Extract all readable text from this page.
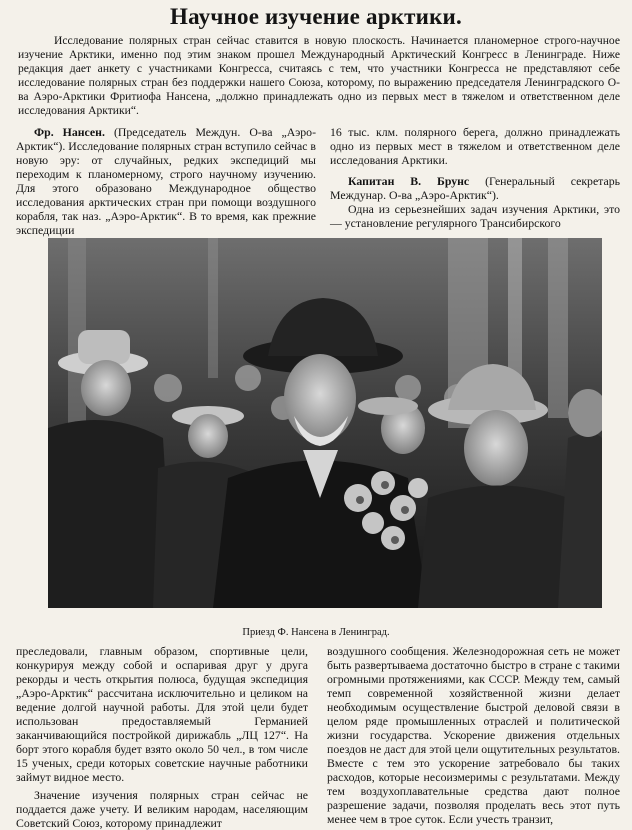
Научное изучение арктики.
Исследование полярных стран сейчас ставится в новую плоскость. Начинается планомерное строго-научное изучение Арктики, именно под этим знаком прошел Международный Арктический Конгресс в Ленинграде. Ниже редакция дает анкету с участниками Конгресса, считаясь с тем, что участники Конгресса не представляют себе исследование полярных стран без поддержки нашего Союза, которому, по выражению председателя Ленинградского О-ва Аэро-Арктики Фритиофа Нансена, „должно принадлежать одно из первых мест в тяжелом и ответственном деле исследования Арктики“.

Фр. Нансен. (Председатель Междун. О-ва „Аэро-Арктик“). Исследование полярных стран вступило сейчас в новую эру: от случайных, редких экспедиций мы переходим к планомерному, строго научному изучению. Для этого образовано Международное общество исследования арктических стран при помощи воздушного корабля, так наз. „Аэро-Арктик“. В то время, как прежние экспедиции

16 тыс. клм. полярного берега, должно принадлежать одно из первых мест в тяжелом и ответственном деле исследования Арктики.

Капитан В. Брунс (Генеральный секретарь Междунар. О-ва „Аэро-Арктик“).

Одна из серьезнейших задач изучения Арктики, это — установление регулярного Трансибирского

Приезд Ф. Нансена в Ленинград.

преследовали, главным образом, спортивные цели, конкурируя между собой и оспаривая друг у друга рекорды и честь открытия полюса, будущая экспедиция „Аэро-Арктик“ рассчитана исключительно и целиком на ведение долгой научной работы. Для этой цели будет использован предоставляемый Германией заканчивающийся постройкой дирижабль „ЛЦ 127“. На борт этого корабля будет взято около 50 чел., в том числе 15 ученых, среди которых советские научные работники займут видное место.

Значение изучения полярных стран сейчас не поддается даже учету. И великим народам, населяющим Советский Союз, которому принадлежит

воздушного сообщения. Железнодорожная сеть не может быть развертываема достаточно быстро в стране с такими огромными протяжениями, как СССР. Между тем, самый темп современной хозяйственной жизни делает необходимым осуществление быстрой деловой связи в целом ряде промышленных отраслей и политической жизни государства. Ускорение движения отдельных поездов не даст для этой цели ощутительных результатов. Вместе с тем это ускорение затребовало бы таких расходов, которые несоизмеримы с результатами. Между тем воздухоплавательные средства дают полное разрешение задачи, позволяя проделать весь этот путь менее чем в трое суток. Если учесть транзит,
